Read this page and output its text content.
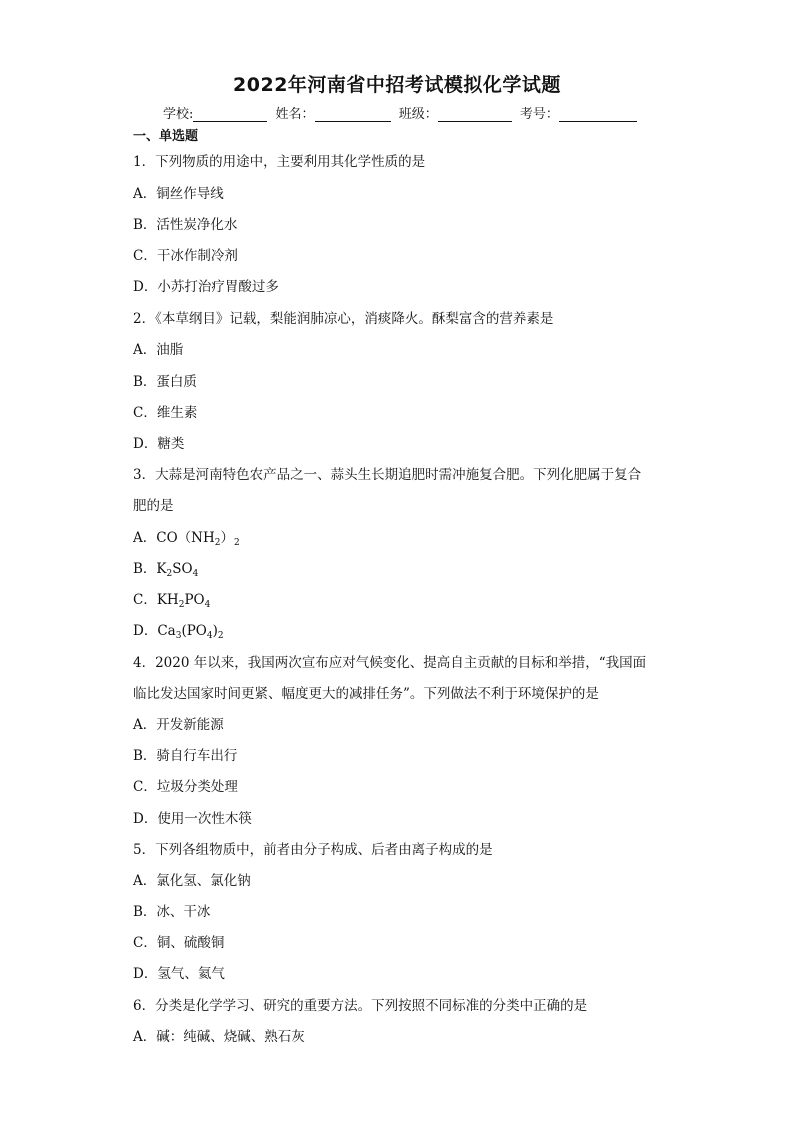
2022年河南省中招考试模拟化学试题
学校:	姓名：	班级：	考号：
一、单选题
1．下列物质的用途中，主要利用其化学性质的是
A．铜丝作导线
B．活性炭净化水
C．干冰作制冷剂
D．小苏打治疗胃酸过多
2．《本草纲目》记载，梨能润肺凉心，消痰降火。酥梨富含的营养素是
A．油脂
B．蛋白质
C．维生素
D．糖类
3．大蒜是河南特色农产品之一、蒜头生长期追肥时需冲施复合肥。下列化肥属于复合
肥的是
A．$CO(NH_2)_2$
B．$K_2SO_4$
C．$KH_2PO_4$
D．$Ca_3(PO_4)_2$
4．2020 年以来，我国两次宣布应对气候变化、提高自主贡献的目标和举措，“我国面
临比发达国家时间更紧、幅度更大的减排任务”。下列做法不利于环境保护的是
A．开发新能源
B．骑自行车出行
C．垃圾分类处理
D．使用一次性木筷
5．下列各组物质中，前者由分子构成、后者由离子构成的是
A．氯化氢、氯化钠
B．冰、干冰
C．铜、硫酸铜
D．氢气、氦气
6．分类是化学学习、研究的重要方法。下列按照不同标准的分类中正确的是
A．碱：纯碱、烧碱、熟石灰
